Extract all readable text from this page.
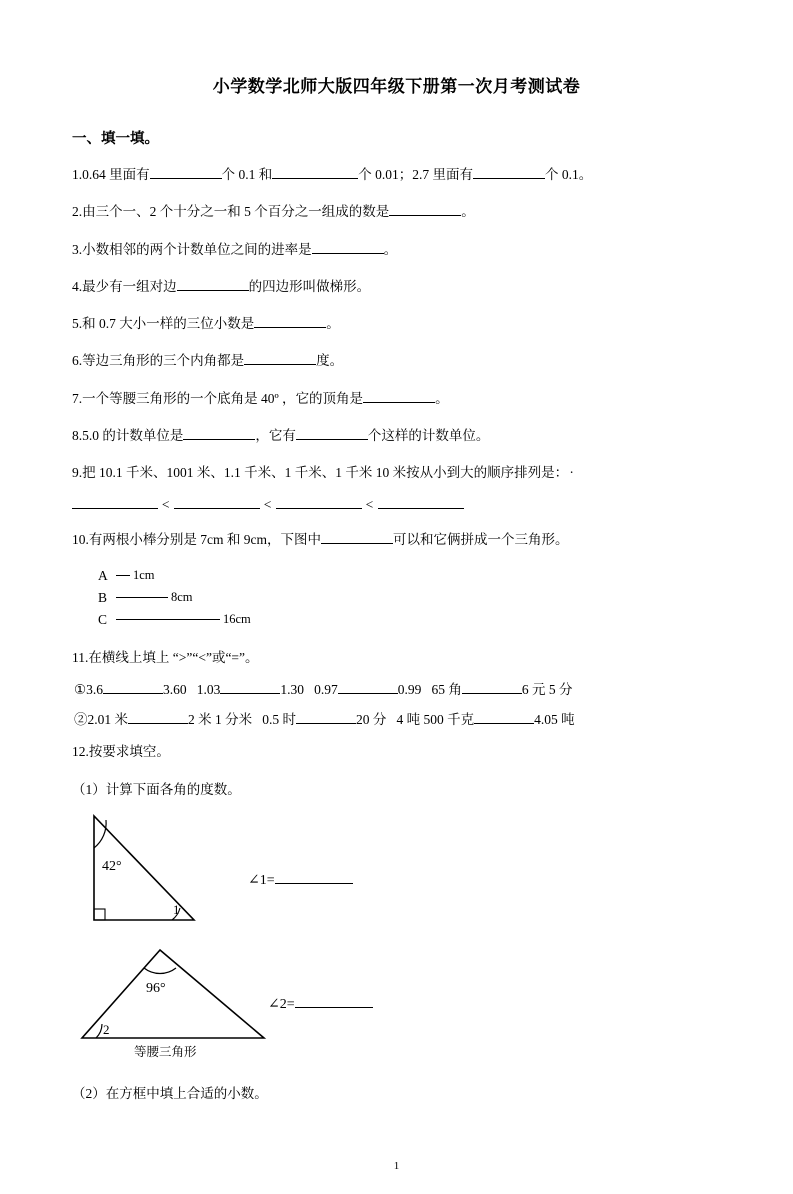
小学数学北师大版四年级下册第一次月考测试卷
一、填一填。
1.0.64 里面有	个 0.1 和	个 0.01；2.7 里面有	个 0.1。
2.由三个一、2 个十分之一和 5 个百分之一组成的数是	。
3.小数相邻的两个计数单位之间的进率是	。
4.最少有一组对边	的四边形叫做梯形。
5.和 0.7 大小一样的三位小数是	。
6.等边三角形的三个内角都是	度。
7.一个等腰三角形的一个底角是 40º ，它的顶角是	。
8.5.0 的计数单位是	，它有	个这样的计数单位。
9.把 10.1 千米、1001 米、1.1 千米、1 千米、1 千米 10 米按从小到大的顺序排列是： ·
<	<	<
10.有两根小棒分别是 7cm 和 9cm，下图中	可以和它俩拼成一个三角形。
A	1cm
B	8cm
C	16cm
11.在横线上填上 “>”“<”或“=”。
①3.6	3.60 1.03	1.30 0.97	0.99 65 角	6 元 5 分
②2.01 米	2 米 1 分米 0.5 时	20 分 4 吨 500 千克	4.05 吨
12.按要求填空。
（1）计算下面各角的度数。
42°
1
∠1=
96°
2
∠2=
等腰三角形
（2）在方框中填上合适的小数。
1
